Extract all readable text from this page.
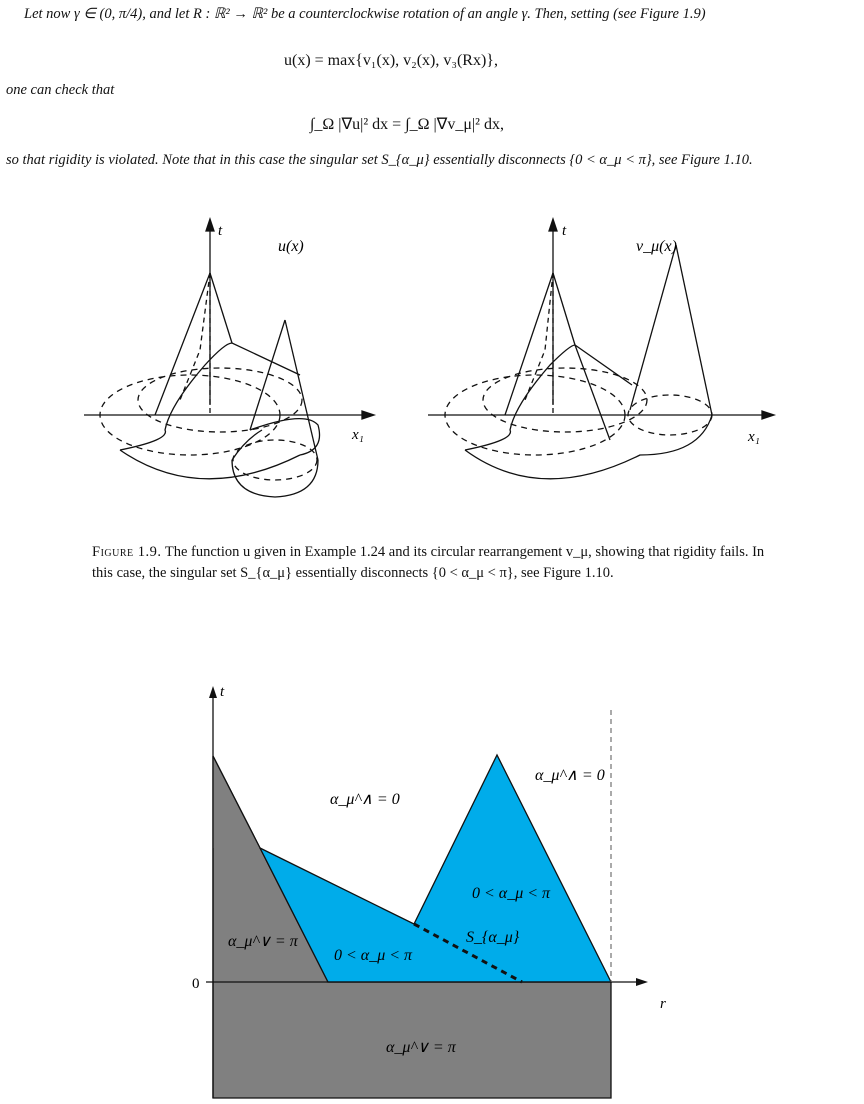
Let now γ ∈ (0, π/4), and let R : ℝ² → ℝ² be a counterclockwise rotation of an angle γ. Then, setting (see Figure 1.9)
u(x) = max{v₁(x), v₂(x), v₃(Rx)},
one can check that
∫_Ω |∇u|² dx = ∫_Ω |∇v_μ|² dx,
so that rigidity is violated. Note that in this case the singular set S_{α_μ} essentially disconnects {0 < α_μ < π}, see Figure 1.10.
t
x₁
u(x)
t
x₁
v_μ(x)
Figure 1.9. The function u given in Example 1.24 and its circular rearrangement v_μ, showing that rigidity fails. In this case, the singular set S_{α_μ} essentially disconnects {0 < α_μ < π}, see Figure 1.10.
t
r
0
α_μ^∧ = 0
α_μ^∧ = 0
α_μ^∨ = π
α_μ^∨ = π
0 < α_μ < π
0 < α_μ < π
S_{α_μ}
